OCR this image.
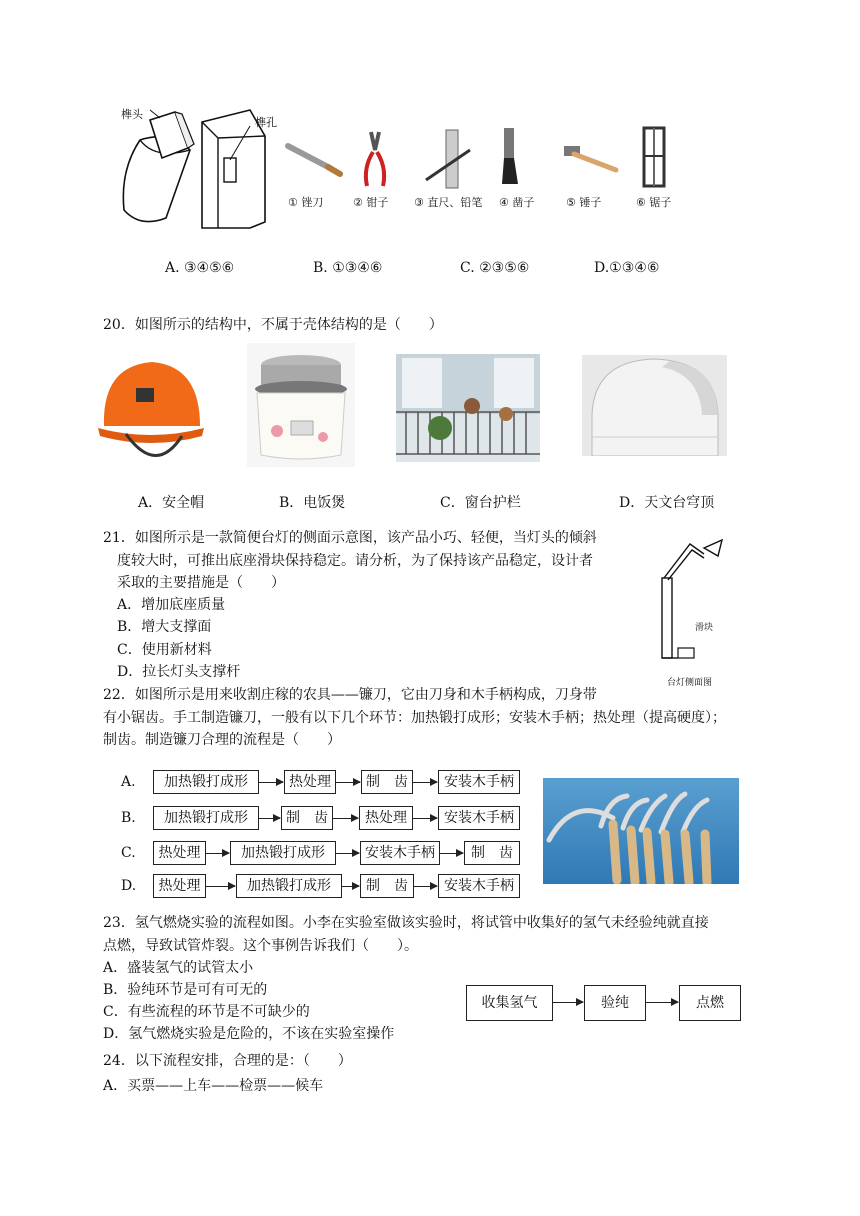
榫头
榫孔
① 锉刀	② 钳子 ③ 直尺、铅笔 ④ 凿子	⑤ 锤子	⑥ 锯子
A. ③④⑤⑥	B. ①③④⑥	C. ②③⑤⑥	D.①③④⑥
20．如图所示的结构中，不属于壳体结构的是（　　）
A．安全帽	B．电饭煲	C．窗台护栏	D．天文台穹顶
21．如图所示是一款简便台灯的侧面示意图，该产品小巧、轻便，当灯头的倾斜
度较大时，可推出底座滑块保持稳定。请分析，为了保持该产品稳定，设计者
采取的主要措施是（　　）
A．增加底座质量
B．增大支撑面
C．使用新材料
D．拉长灯头支撑杆
滑块
台灯侧面图
22．如图所示是用来收割庄稼的农具——镰刀，它由刀身和木手柄构成，刀身带
有小锯齿。手工制造镰刀，一般有以下几个环节：加热锻打成形；安装木手柄；热处理（提高硬度）；
制齿。制造镰刀合理的流程是（　　）
A.	加热锻打成形	热处理	制　齿	安装木手柄
B.	加热锻打成形	制　齿	热处理	安装木手柄
C.	热处理	加热锻打成形	安装木手柄	制　齿
D.	热处理	加热锻打成形	制　齿	安装木手柄
23．氢气燃烧实验的流程如图。小李在实验室做该实验时，将试管中收集好的氢气未经验纯就直接
点燃，导致试管炸裂。这个事例告诉我们（　　）。
A．盛装氢气的试管太小
B．验纯环节是可有可无的
C．有些流程的环节是不可缺少的
D．氢气燃烧实验是危险的，不该在实验室操作
收集氢气	验纯	点燃
24．以下流程安排，合理的是：（　　）
A．买票——上车——检票——候车
